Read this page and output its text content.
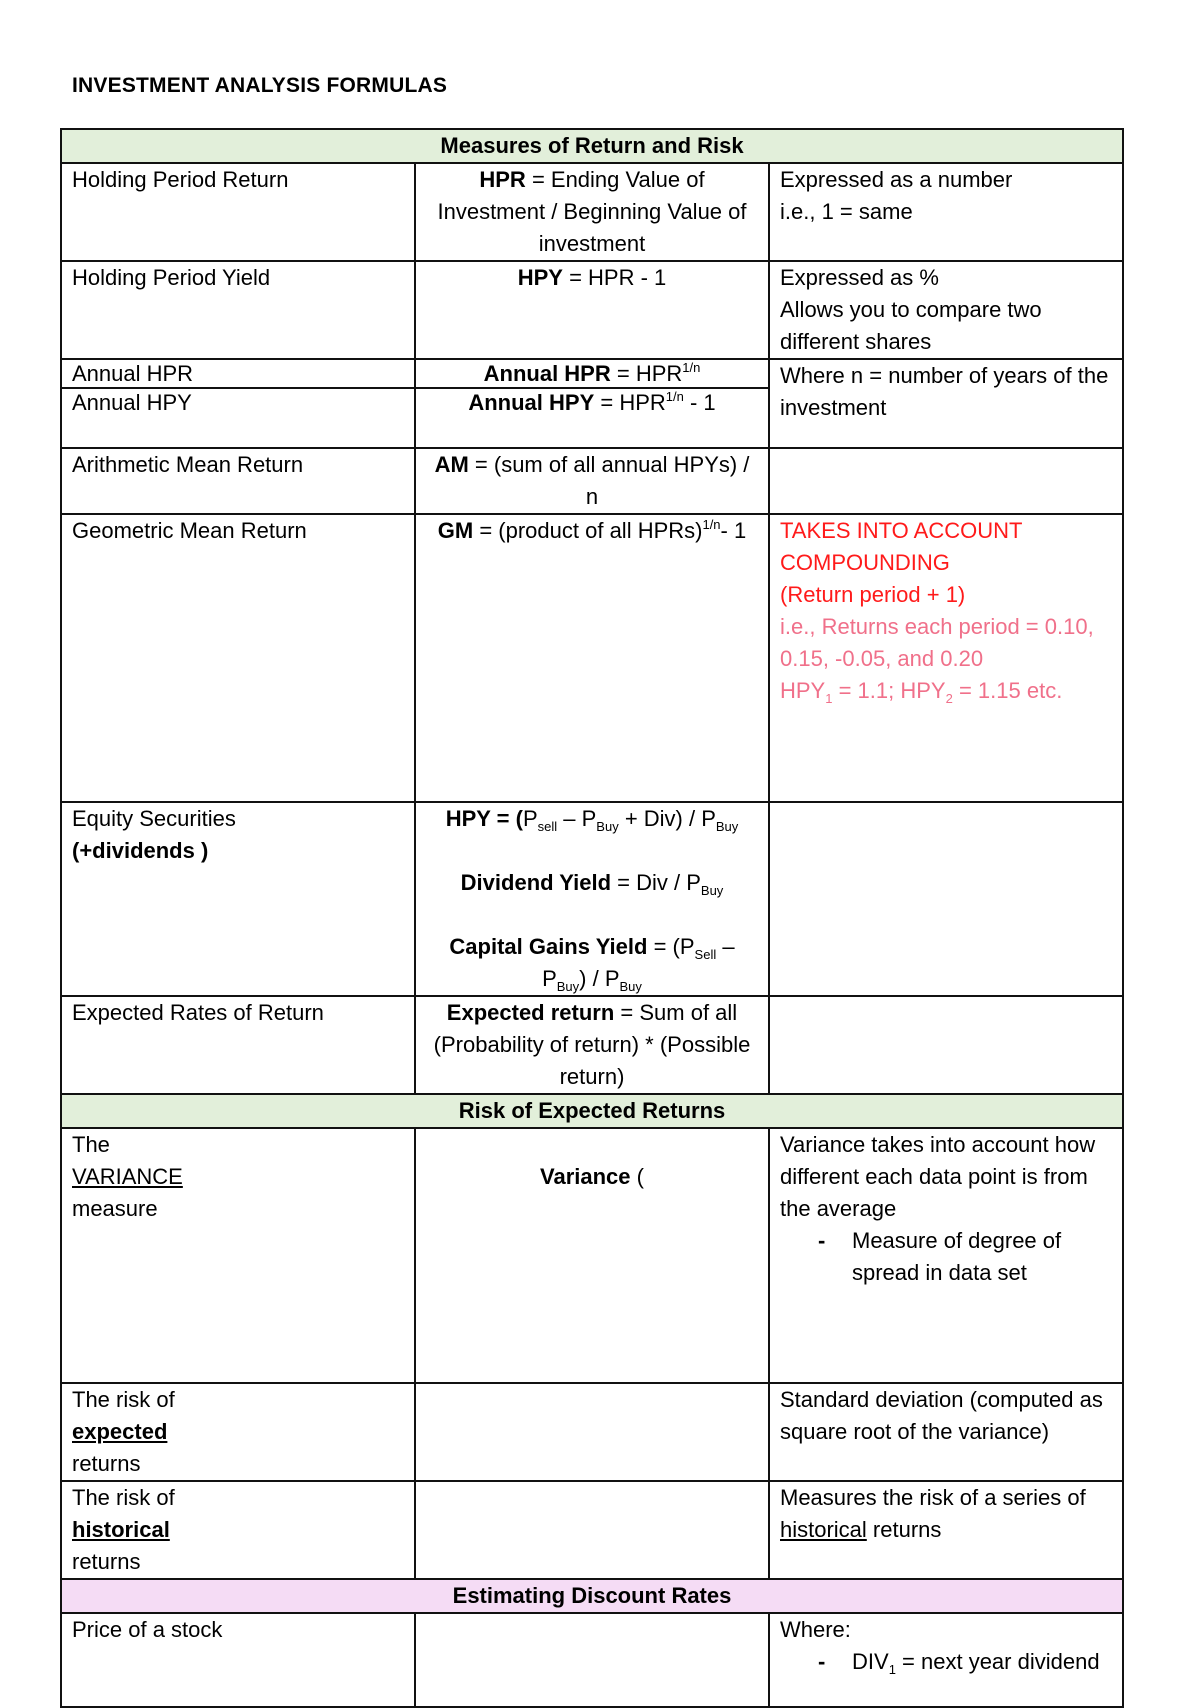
INVESTMENT ANALYSIS FORMULAS
Measures of Return and Risk		
Holding Period Return	HPR = Ending Value of Investment / Beginning Value of investment	Expressed as a number
i.e., 1 = same
Holding Period Yield	HPY = HPR - 1	Expressed as %
Allows you to compare two different shares
Annual HPR	Annual HPR = $HPR^{1/n}$	Where n = number of years of the investment
Annual HPY	Annual HPY = $HPR^{1/n} - 1$	
Arithmetic Mean Return	AM = (sum of all annual HPYs) / n	
Geometric Mean Return	GM = (product of all HPRs)$^{1/n}$- 1	TAKES INTO ACCOUNT COMPOUNDING
(Return period + 1)
i.e., Returns each period = 0.10, 0.15, -0.05, and 0.20
$HPY_1 = 1.1$; $HPY_2 = 1.15$ etc.
Equity Securities
(+dividends )	HPY = $(P_{sell} - P_{Buy} + Div) / P_{Buy}$
Dividend Yield = Div / $P_{Buy}$
Capital Gains Yield = $(P_{Sell} - P_{Buy}) / P_{Buy}$	
Expected Rates of Return	Expected return = Sum of all (Probability of return) * (Possible return)	
Risk of Expected Returns		
The
VARIANCE
measure	Variance (	Variance takes into account how different each data point is from the average
- Measure of degree of spread in data set

The risk of
expected
returns		Standard deviation (computed as square root of the variance)
The risk of
historical
returns		Measures the risk of a series of historical returns
Estimating Discount Rates		
Price of a stock		Where:
- $DIV_1$ = next year dividend
